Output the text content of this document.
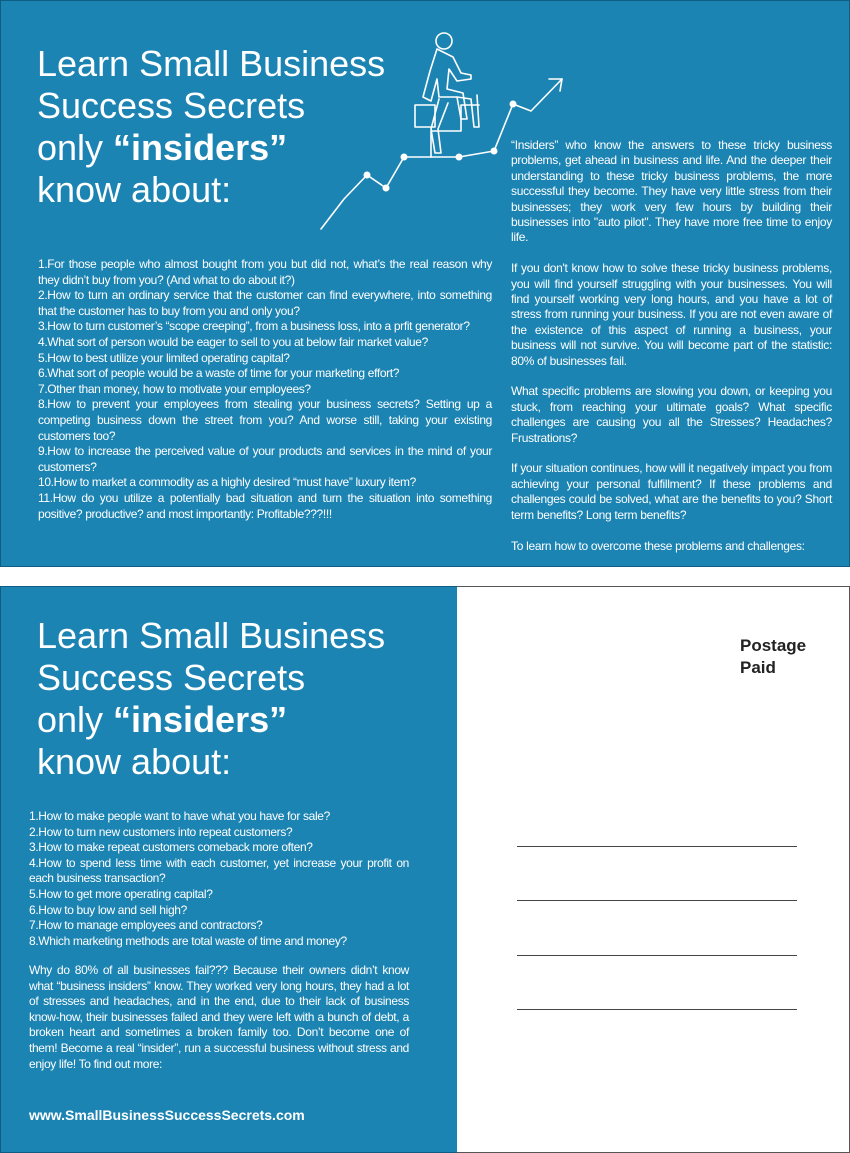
Learn Small Business
Success Secrets
only “insiders”
know about:
1.For those people who almost bought from you but did not, what’s the real reason why they didn’t buy from you? (And what to do about it?)
2.How to turn an ordinary service that the customer can find everywhere, into something that the customer has to buy from you and only you?
3.How to turn customer’s “scope creeping”, from a business loss, into a prfit generator?
4.What sort of person would be eager to sell to you at below fair market value?
5.How to best utilize your limited operating capital?
6.What sort of people would be a waste of time for your marketing effort?
7.Other than money, how to motivate your employees?
8.How to prevent your employees from stealing your business secrets? Setting up a competing business down the street from you? And worse still, taking your existing customers too?
9.How to increase the perceived value of your products and services in the mind of your customers?
10.How to market a commodity as a highly desired “must have” luxury item?
11.How do you utilize a potentially bad situation and turn the situation into something positive? productive? and most importantly: Profitable???!!!

“Insiders” who know the answers to these tricky business problems, get ahead in business and life. And the deeper their understanding to these tricky business problems, the more successful they become. They have very little stress from their businesses; they work very few hours by building their businesses into "auto pilot". They have more free time to enjoy life.

If you don't know how to solve these tricky business problems, you will find yourself struggling with your businesses. You will find yourself working very long hours, and you have a lot of stress from running your business. If you are not even aware of the existence of this aspect of running a business, your business will not survive. You will become part of the statistic: 80% of businesses fail.

What specific problems are slowing you down, or keeping you stuck, from reaching your ultimate goals? What specific challenges are causing you all the Stresses? Headaches? Frustrations?

If your situation continues, how will it negatively impact you from achieving your personal fulfillment? If these problems and challenges could be solved, what are the benefits to you? Short term benefits? Long term benefits?

To learn how to overcome these problems and challenges:

Learn Small Business
Success Secrets
only “insiders”
know about:
1.How to make people want to have what you have for sale?
2.How to turn new customers into repeat customers?
3.How to make repeat customers comeback more often?
4.How to spend less time with each customer, yet increase your profit on each business transaction?
5.How to get more operating capital?
6.How to buy low and sell high?
7.How to manage employees and contractors?
8.Which marketing methods are total waste of time and money?
Why do 80% of all businesses fail??? Because their owners didn’t know what “business insiders” know. They worked very long hours, they had a lot of stresses and headaches, and in the end, due to their lack of business know-how, their businesses failed and they were left with a bunch of debt, a broken heart and sometimes a broken family too. Don’t become one of them! Become a real “insider”, run a successful business without stress and enjoy life! To find out more:
www.SmallBusinessSuccessSecrets.com
Postage
Paid
